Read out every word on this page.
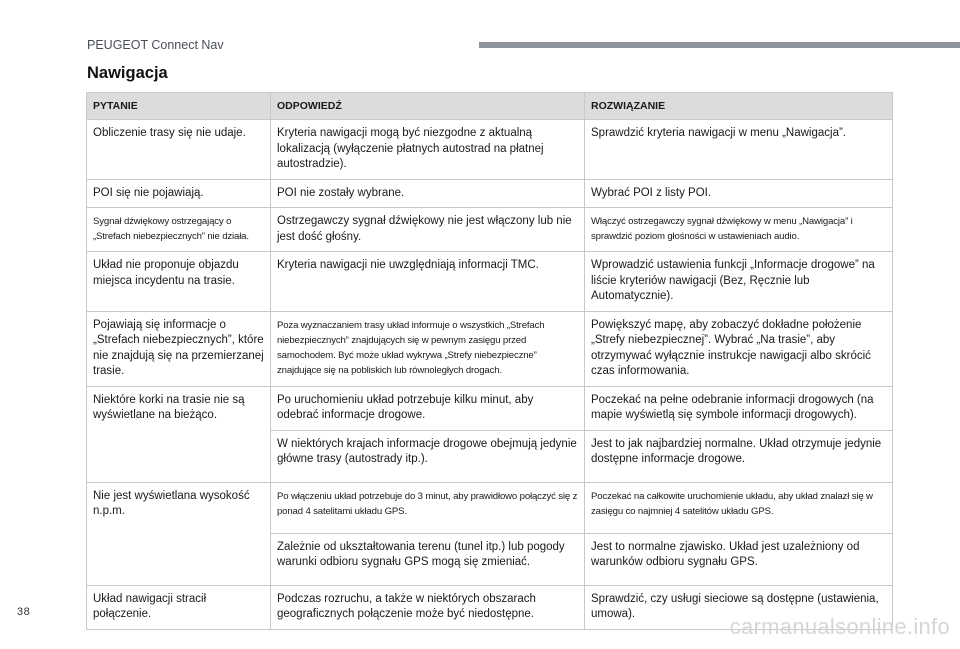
PEUGEOT Connect Nav
Nawigacja
PYTANIE	ODPOWIEDŹ	ROZWIĄZANIE
Obliczenie trasy się nie udaje.	Kryteria nawigacji mogą być niezgodne z aktualną lokalizacją (wyłączenie płatnych autostrad na płatnej autostradzie).	Sprawdzić kryteria nawigacji w menu „Nawigacja”.
POI się nie pojawiają.	POI nie zostały wybrane.	Wybrać POI z listy POI.
Sygnał dźwiękowy ostrzegający o „Strefach niebezpiecznych” nie działa.	Ostrzegawczy sygnał dźwiękowy nie jest włączony lub nie jest dość głośny.	Włączyć ostrzegawczy sygnał dźwiękowy w menu „Nawigacja” i sprawdzić poziom głośności w ustawieniach audio.
Układ nie proponuje objazdu miejsca incydentu na trasie.	Kryteria nawigacji nie uwzględniają informacji TMC.	Wprowadzić ustawienia funkcji „Informacje drogowe” na liście kryteriów nawigacji (Bez, Ręcznie lub Automatycznie).
Pojawiają się informacje o „Strefach niebezpiecznych”, które nie znajdują się na przemierzanej trasie.	Poza wyznaczaniem trasy układ informuje o wszystkich „Strefach niebezpiecznych” znajdujących się w pewnym zasięgu przed samochodem. Być może układ wykrywa „Strefy niebezpieczne” znajdujące się na pobliskich lub równoległych drogach.	Powiększyć mapę, aby zobaczyć dokładne położenie „Strefy niebezpiecznej”. Wybrać „Na trasie”, aby otrzymywać wyłącznie instrukcje nawigacji albo skrócić czas informowania.
Niektóre korki na trasie nie są wyświetlane na bieżąco.	Po uruchomieniu układ potrzebuje kilku minut, aby odebrać informacje drogowe.	Poczekać na pełne odebranie informacji drogowych (na mapie wyświetlą się symbole informacji drogowych).
	W niektórych krajach informacje drogowe obejmują jedynie główne trasy (autostrady itp.).	Jest to jak najbardziej normalne. Układ otrzymuje jedynie dostępne informacje drogowe.
Nie jest wyświetlana wysokość n.p.m.	Po włączeniu układ potrzebuje do 3 minut, aby prawidłowo połączyć się z ponad 4 satelitami układu GPS.	Poczekać na całkowite uruchomienie układu, aby układ znalazł się w zasięgu co najmniej 4 satelitów układu GPS.
	Zależnie od ukształtowania terenu (tunel itp.) lub pogody warunki odbioru sygnału GPS mogą się zmieniać.	Jest to normalne zjawisko. Układ jest uzależniony od warunków odbioru sygnału GPS.
Układ nawigacji stracił połączenie.	Podczas rozruchu, a także w niektórych obszarach geograficznych połączenie może być niedostępne.	Sprawdzić, czy usługi sieciowe są dostępne (ustawienia, umowa).
38
carmanualsonline.info
